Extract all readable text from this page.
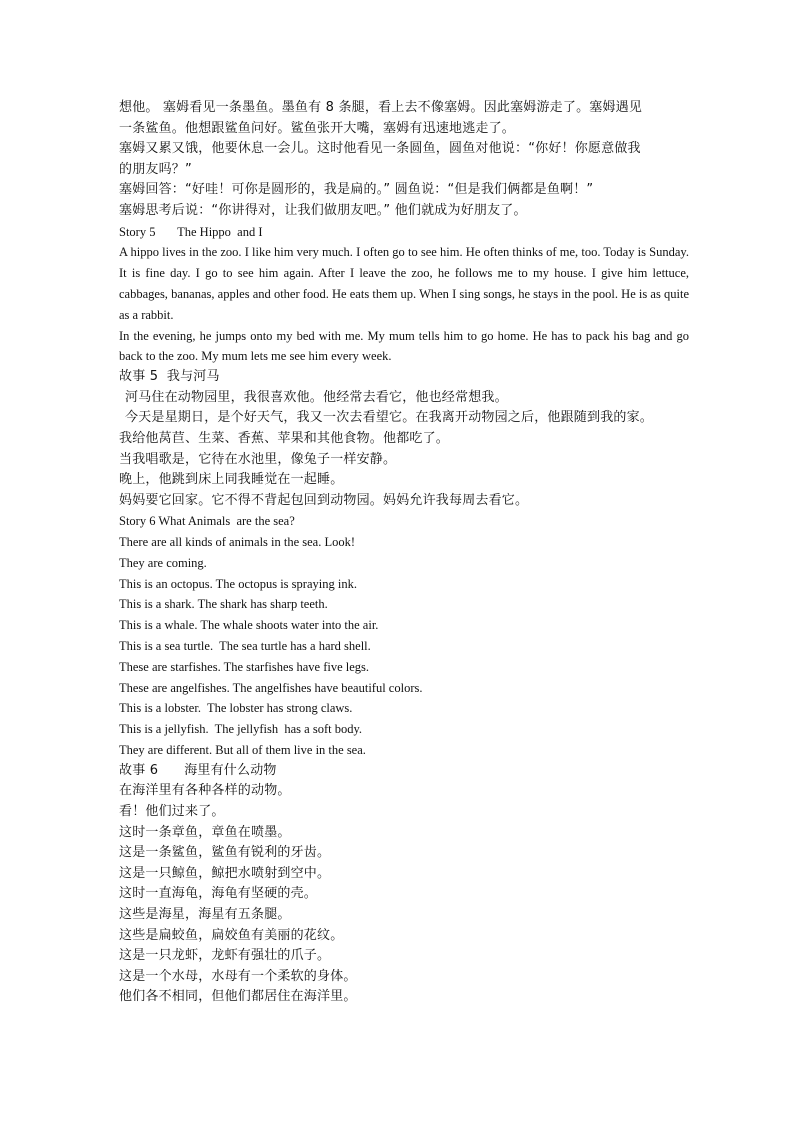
想他。 塞姆看见一条墨鱼。墨鱼有 8 条腿，看上去不像塞姆。因此塞姆游走了。塞姆遇见

一条鲨鱼。他想跟鲨鱼问好。鲨鱼张开大嘴，塞姆有迅速地逃走了。

塞姆又累又饿，他要休息一会儿。这时他看见一条圆鱼，圆鱼对他说：“你好！你愿意做我

的朋友吗？”

塞姆回答：“好哇！可你是圆形的，我是扁的。” 圆鱼说：“但是我们俩都是鱼啊！”

塞姆思考后说：“你讲得对，让我们做朋友吧。” 他们就成为好朋友了。

Story 5       The Hippo  and I

A hippo lives in the zoo. I like him very much. I often go to see him. He often thinks of me, too. Today is Sunday. It is fine day. I go to see him again. After I leave the zoo, he follows me to my house. I give him lettuce, cabbages, bananas, apples and other food. He eats them up. When I sing songs, he stays in the pool. He is as quite as a rabbit.

In the evening, he jumps onto my bed with me. My mum tells him to go home. He has to pack his bag and go back to the zoo. My mum lets me see him every week.

故事 5  我与河马

河马住在动物园里，我很喜欢他。他经常去看它，他也经常想我。

今天是星期日，是个好天气，我又一次去看望它。在我离开动物园之后，他跟随到我的家。

我给他莴苣、生菜、香蕉、苹果和其他食物。他都吃了。

当我唱歌是，它待在水池里，像兔子一样安静。

晚上，他跳到床上同我睡觉在一起睡。

妈妈要它回家。它不得不背起包回到动物园。妈妈允许我每周去看它。

Story 6 What Animals  are the sea?

There are all kinds of animals in the sea. Look!

They are coming.

This is an octopus. The octopus is spraying ink.

This is a shark. The shark has sharp teeth.

This is a whale. The whale shoots water into the air.

This is a sea turtle.  The sea turtle has a hard shell.

These are starfishes. The starfishes have five legs.

These are angelfishes. The angelfishes have beautiful colors.

This is a lobster.  The lobster has strong claws.

This is a jellyfish.  The jellyfish  has a soft body.

They are different. But all of them live in the sea.

故事 6      海里有什么动物

在海洋里有各种各样的动物。

看！他们过来了。

这时一条章鱼，章鱼在喷墨。

这是一条鲨鱼，鲨鱼有锐利的牙齿。

这是一只鲸鱼，鲸把水喷射到空中。

这时一直海龟，海龟有坚硬的壳。

这些是海星，海星有五条腿。

这些是扁蛟鱼，扁姣鱼有美丽的花纹。

这是一只龙虾，龙虾有强壮的爪子。

这是一个水母，水母有一个柔软的身体。

他们各不相同，但他们都居住在海洋里。
